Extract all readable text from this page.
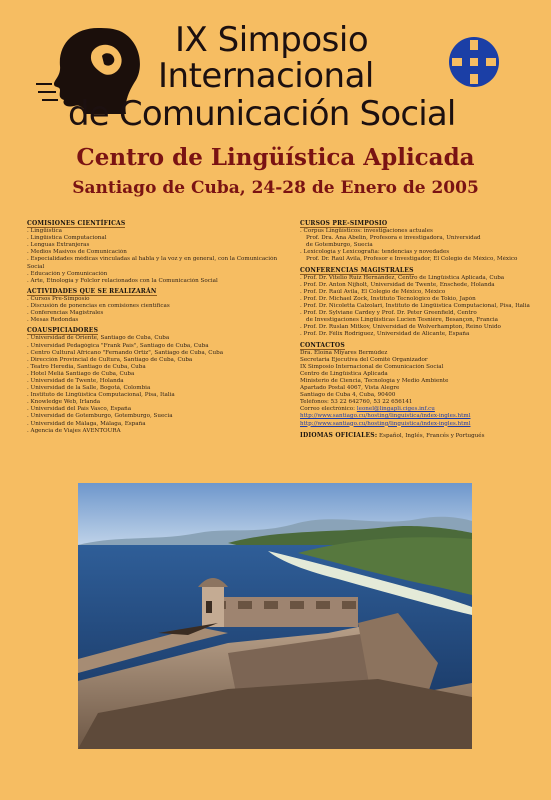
IX Simposio
Internacional
de Comunicación Social
Centro de Lingüística Aplicada
Santiago de Cuba, 24-28 de Enero de 2005
COMISIONES CIENTÍFICAS
. Lingüística
. Lingüística Computacional
. Lenguas Extranjeras
. Medios Masivos de Comunicación
. Especialidades médicas vinculadas al habla y la voz y en general, con la Comunicación
Social
. Educación y Comunicación
. Arte, Etnología y Folclor relacionados con la Comunicación Social
ACTIVIDADES QUE SE REALIZARÁN
. Cursos Pre-Simposio
. Discusión de ponencias en comisiones científicas
. Conferencias Magistrales
. Mesas Redondas
COAUSPICIADORES
. Universidad de Oriente, Santiago de Cuba, Cuba
. Universidad Pedagógica "Frank País", Santiago de Cuba, Cuba
. Centro Cultural Africano "Fernando Ortiz", Santiago de Cuba, Cuba
. Dirección Provincial de Cultura, Santiago de Cuba, Cuba
. Teatro Heredia, Santiago de Cuba, Cuba
. Hotel Meliá Santiago de Cuba, Cuba
. Universidad de Twente, Holanda
. Universidad de la Salle, Bogotá, Colombia
. Instituto de Lingüística Computacional, Pisa, Italia
. Knowledge Web, Irlanda
. Universidad del País Vasco, España
. Universidad de Gotemburgo, Gotemburgo, Suecia
. Universidad de Málaga, Málaga, España
. Agencia de Viajes AVENTOURA
CURSOS PRE-SIMPOSIO
. Corpus Lingüísticos: investigaciones actuales
Prof. Dra. Ana Abelin, Profesora e investigadora, Universidad
de Gotemburgo, Suecia
. Lexicología y Lexicografía: tendencias y novedades
Prof. Dr. Raúl Ávila, Profesor e Investigador, El Colegio de México, México
CONFERENCIAS MAGISTRALES
. Prof. Dr. Vitelio Ruiz Hernández, Centro de Lingüística Aplicada, Cuba
. Prof. Dr. Anton Nijholt, Universidad de Twente, Enschede, Holanda
. Prof. Dr. Raúl Ávila, El Colegio de México, México
. Prof. Dr. Michael Zock, Instituto Tecnológico de Tokio, Japón
. Prof. Dr. Nicoletta Calzolari, Instituto de Lingüística Computacional, Pisa, Italia
. Prof. Dr. Sylviane Cardey y Prof. Dr. Peter Greenfield, Centro
de Investigaciones Lingüísticas Lucien Tesnière, Besançon, Francia
. Prof. Dr. Ruslan Mitkov, Universidad de Wolverhampton, Reino Unido
. Prof. Dr. Félix Rodríguez, Universidad de Alicante, España
CONTACTOS
Dra. Eloína Miyares Bermúdez
Secretaria Ejecutiva del Comité Organizador
IX Simposio Internacional de Comunicación Social
Centro de Lingüística Aplicada
Ministerio de Ciencia, Tecnología y Medio Ambiente
Apartado Postal 4067, Vista Alegre
Santiago de Cuba 4, Cuba, 90400
Teléfonos: 53 22 642760, 53 22 656141
Correo electrónico: leonel@lingapli.ciges.inf.cu
http://www.santiago.cu/hosting/linguistica/index-ingles.html
http://www.santiago.cu/hosting/linguistica/index-ingles.html
IDIOMAS OFICIALES: Español, Inglés, Francés y Portugués
